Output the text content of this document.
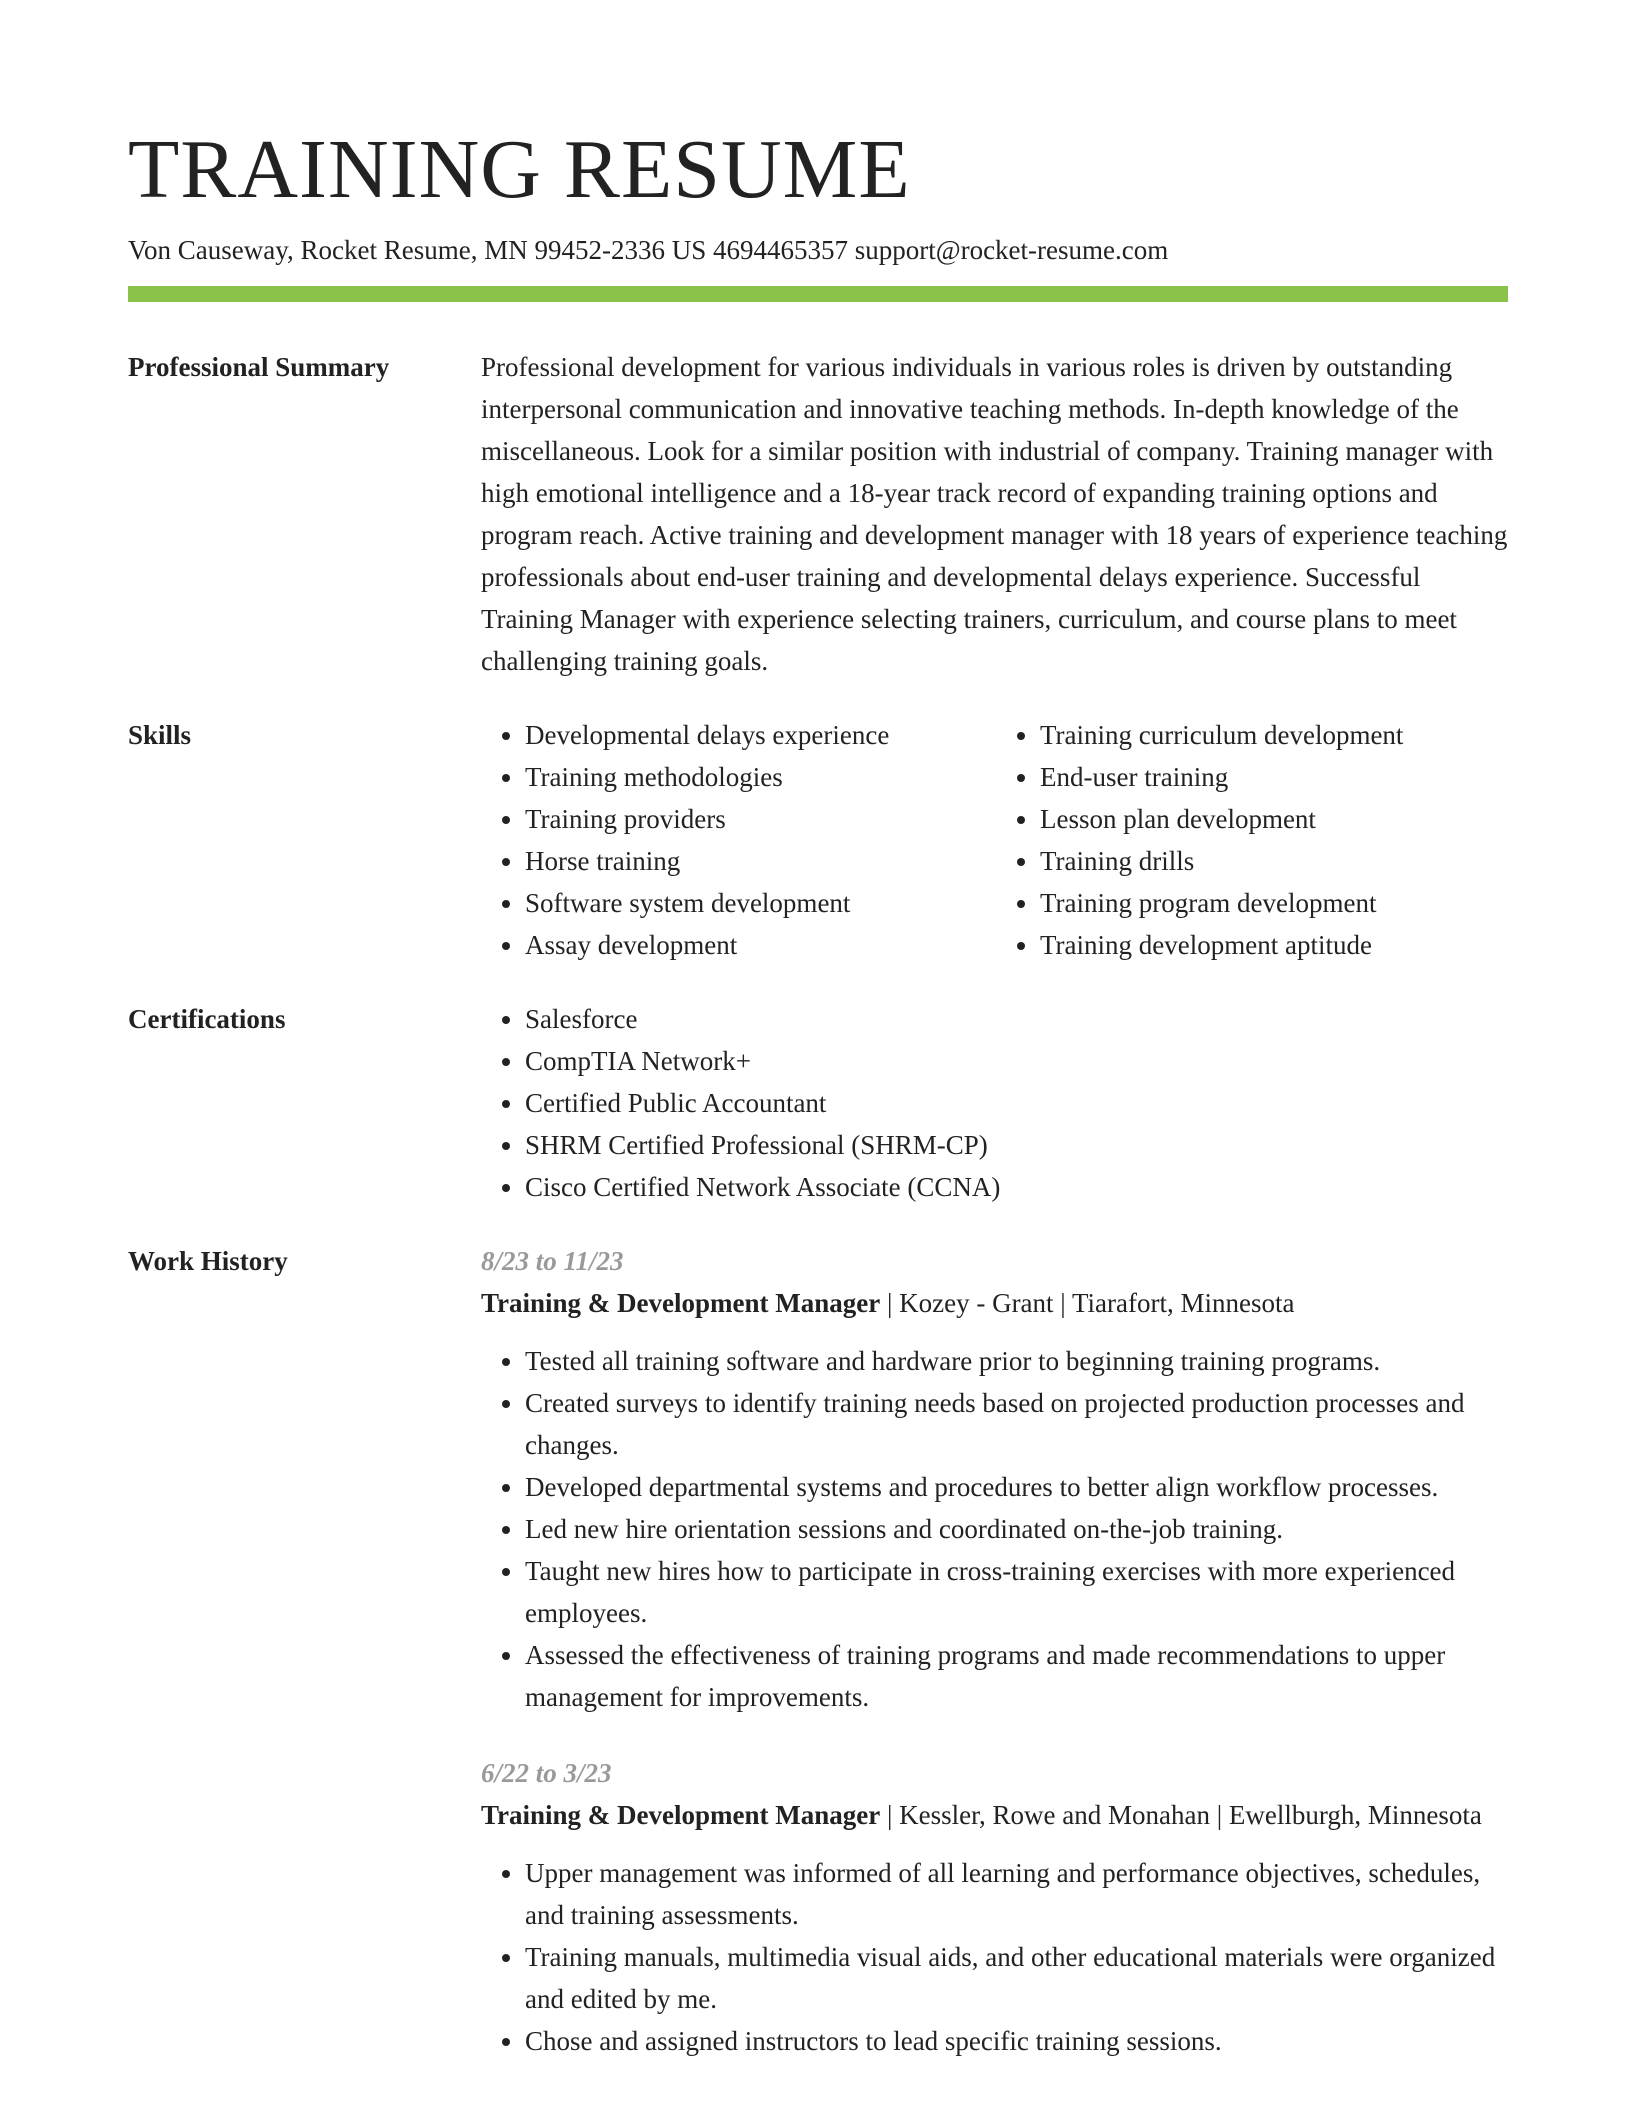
TRAINING RESUME
Von Causeway, Rocket Resume, MN 99452-2336 US 4694465357 support@rocket-resume.com
Professional Summary	Professional development for various individuals in various roles is driven by outstanding interpersonal communication and innovative teaching methods. In-depth knowledge of the miscellaneous. Look for a similar position with industrial of company. Training manager with high emotional intelligence and a 18-year track record of expanding training options and program reach. Active training and development manager with 18 years of experience teaching professionals about end-user training and developmental delays experience. Successful Training Manager with experience selecting trainers, curriculum, and course plans to meet challenging training goals.

Skills	• Developmental delays experience
• Training methodologies
• Training providers
• Horse training
• Software system development
• Assay development
• Training curriculum development
• End-user training
• Lesson plan development
• Training drills
• Training program development
• Training development aptitude
Certifications	• Salesforce
• CompTIA Network+
• Certified Public Accountant
• SHRM Certified Professional (SHRM-CP)
• Cisco Certified Network Associate (CCNA)
Work History	8/23 to 11/23
Training & Development Manager | Kozey - Grant | Tiarafort, Minnesota
• Tested all training software and hardware prior to beginning training programs.
• Created surveys to identify training needs based on projected production processes and changes.
• Developed departmental systems and procedures to better align workflow processes.
• Led new hire orientation sessions and coordinated on-the-job training.
• Taught new hires how to participate in cross-training exercises with more experienced employees.
• Assessed the effectiveness of training programs and made recommendations to upper management for improvements.
6/22 to 3/23
Training & Development Manager | Kessler, Rowe and Monahan | Ewellburgh, Minnesota
• Upper management was informed of all learning and performance objectives, schedules, and training assessments.
• Training manuals, multimedia visual aids, and other educational materials were organized and edited by me.
• Chose and assigned instructors to lead specific training sessions.
